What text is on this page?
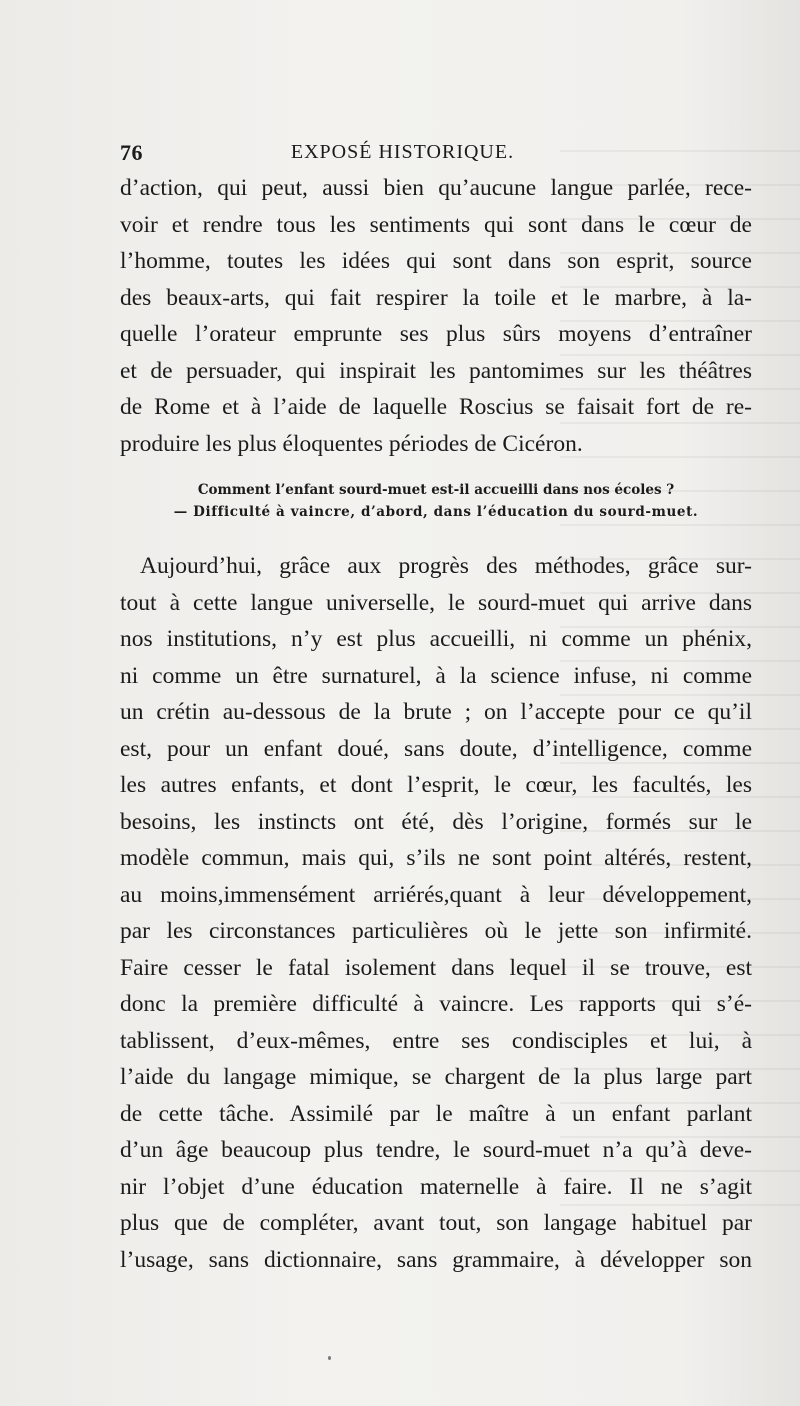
76	EXPOSÉ HISTORIQUE.
d’action, qui peut, aussi bien qu’aucune langue parlée, rece-
voir et rendre tous les sentiments qui sont dans le cœur de
l’homme, toutes les idées qui sont dans son esprit, source
des beaux-arts, qui fait respirer la toile et le marbre, à la-
quelle l’orateur emprunte ses plus sûrs moyens d’entraîner
et de persuader, qui inspirait les pantomimes sur les théâtres
de Rome et à l’aide de laquelle Roscius se faisait fort de re-
produire les plus éloquentes périodes de Cicéron.
Comment l’enfant sourd-muet est-il accueilli dans nos écoles ?
— Difficulté à vaincre, d’abord, dans l’éducation du sourd-muet.
Aujourd’hui, grâce aux progrès des méthodes, grâce sur-
tout à cette langue universelle, le sourd-muet qui arrive dans
nos institutions, n’y est plus accueilli, ni comme un phénix,
ni comme un être surnaturel, à la science infuse, ni comme
un crétin au-dessous de la brute ; on l’accepte pour ce qu’il
est, pour un enfant doué, sans doute, d’intelligence, comme
les autres enfants, et dont l’esprit, le cœur, les facultés, les
besoins, les instincts ont été, dès l’origine, formés sur le
modèle commun, mais qui, s’ils ne sont point altérés, restent,
au moins,immensément arriérés,quant à leur développement,
par les circonstances particulières où le jette son infirmité.
Faire cesser le fatal isolement dans lequel il se trouve, est
donc la première difficulté à vaincre. Les rapports qui s’é-
tablissent, d’eux-mêmes, entre ses condisciples et lui, à
l’aide du langage mimique, se chargent de la plus large part
de cette tâche. Assimilé par le maître à un enfant parlant
d’un âge beaucoup plus tendre, le sourd-muet n’a qu’à deve-
nir l’objet d’une éducation maternelle à faire. Il ne s’agit
plus que de compléter, avant tout, son langage habituel par
l’usage, sans dictionnaire, sans grammaire, à développer son
